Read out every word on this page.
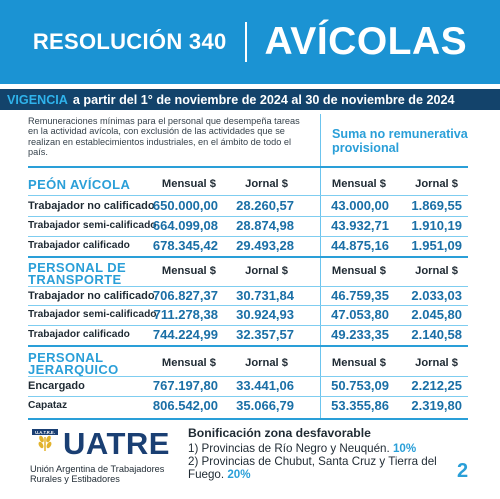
RESOLUCIÓN 340 AVÍCOLAS
VIGENCIA a partir del 1° de noviembre de 2024 al 30 de noviembre de 2024
Remuneraciones mínimas para el personal que desempeña tareas en la actividad avícola, con exclusión de las actividades que se realizan en establecimientos industriales, en el ámbito de todo el país.
Suma no remunerativa provisional
PEÓN AVÍCOLA	Mensual $	Jornal $	Mensual $	Jornal $
Trabajador no calificado
650.000,00 28.260,57	43.000,00 1.869,55
Trabajador semi-calificado
664.099,08 28.874,98	43.932,71 1.910,19
Trabajador calificado 678.345,42 29.493,28	44.875,16 1.951,09
PERSONAL DE
TRANSPORTE
Mensual $	Jornal $	Mensual $	Jornal $
Trabajador no calificado
706.827,37 30.731,84	46.759,35 2.033,03
Trabajador semi-calificado
711.278,38 30.924,93	47.053,80 2.045,80
Trabajador calificado 744.224,99 32.357,57	49.233,35 2.140,58
PERSONAL
JERARQUICO	Mensual $	Jornal $	Mensual $	Jornal $
Encargado	767.197,80 33.441,06	50.753,09 2.212,25
Capataz	806.542,00 35.066,79	53.355,86 2.319,80
U.A.T.R.E. UATRE
Unión Argentina de Trabajadores
Rurales y Estibadores
Bonificación zona desfavorable
1) Provincias de Río Negro y Neuquén. 10%
2) Provincias de Chubut, Santa Cruz y Tierra del Fuego. 20%	2
